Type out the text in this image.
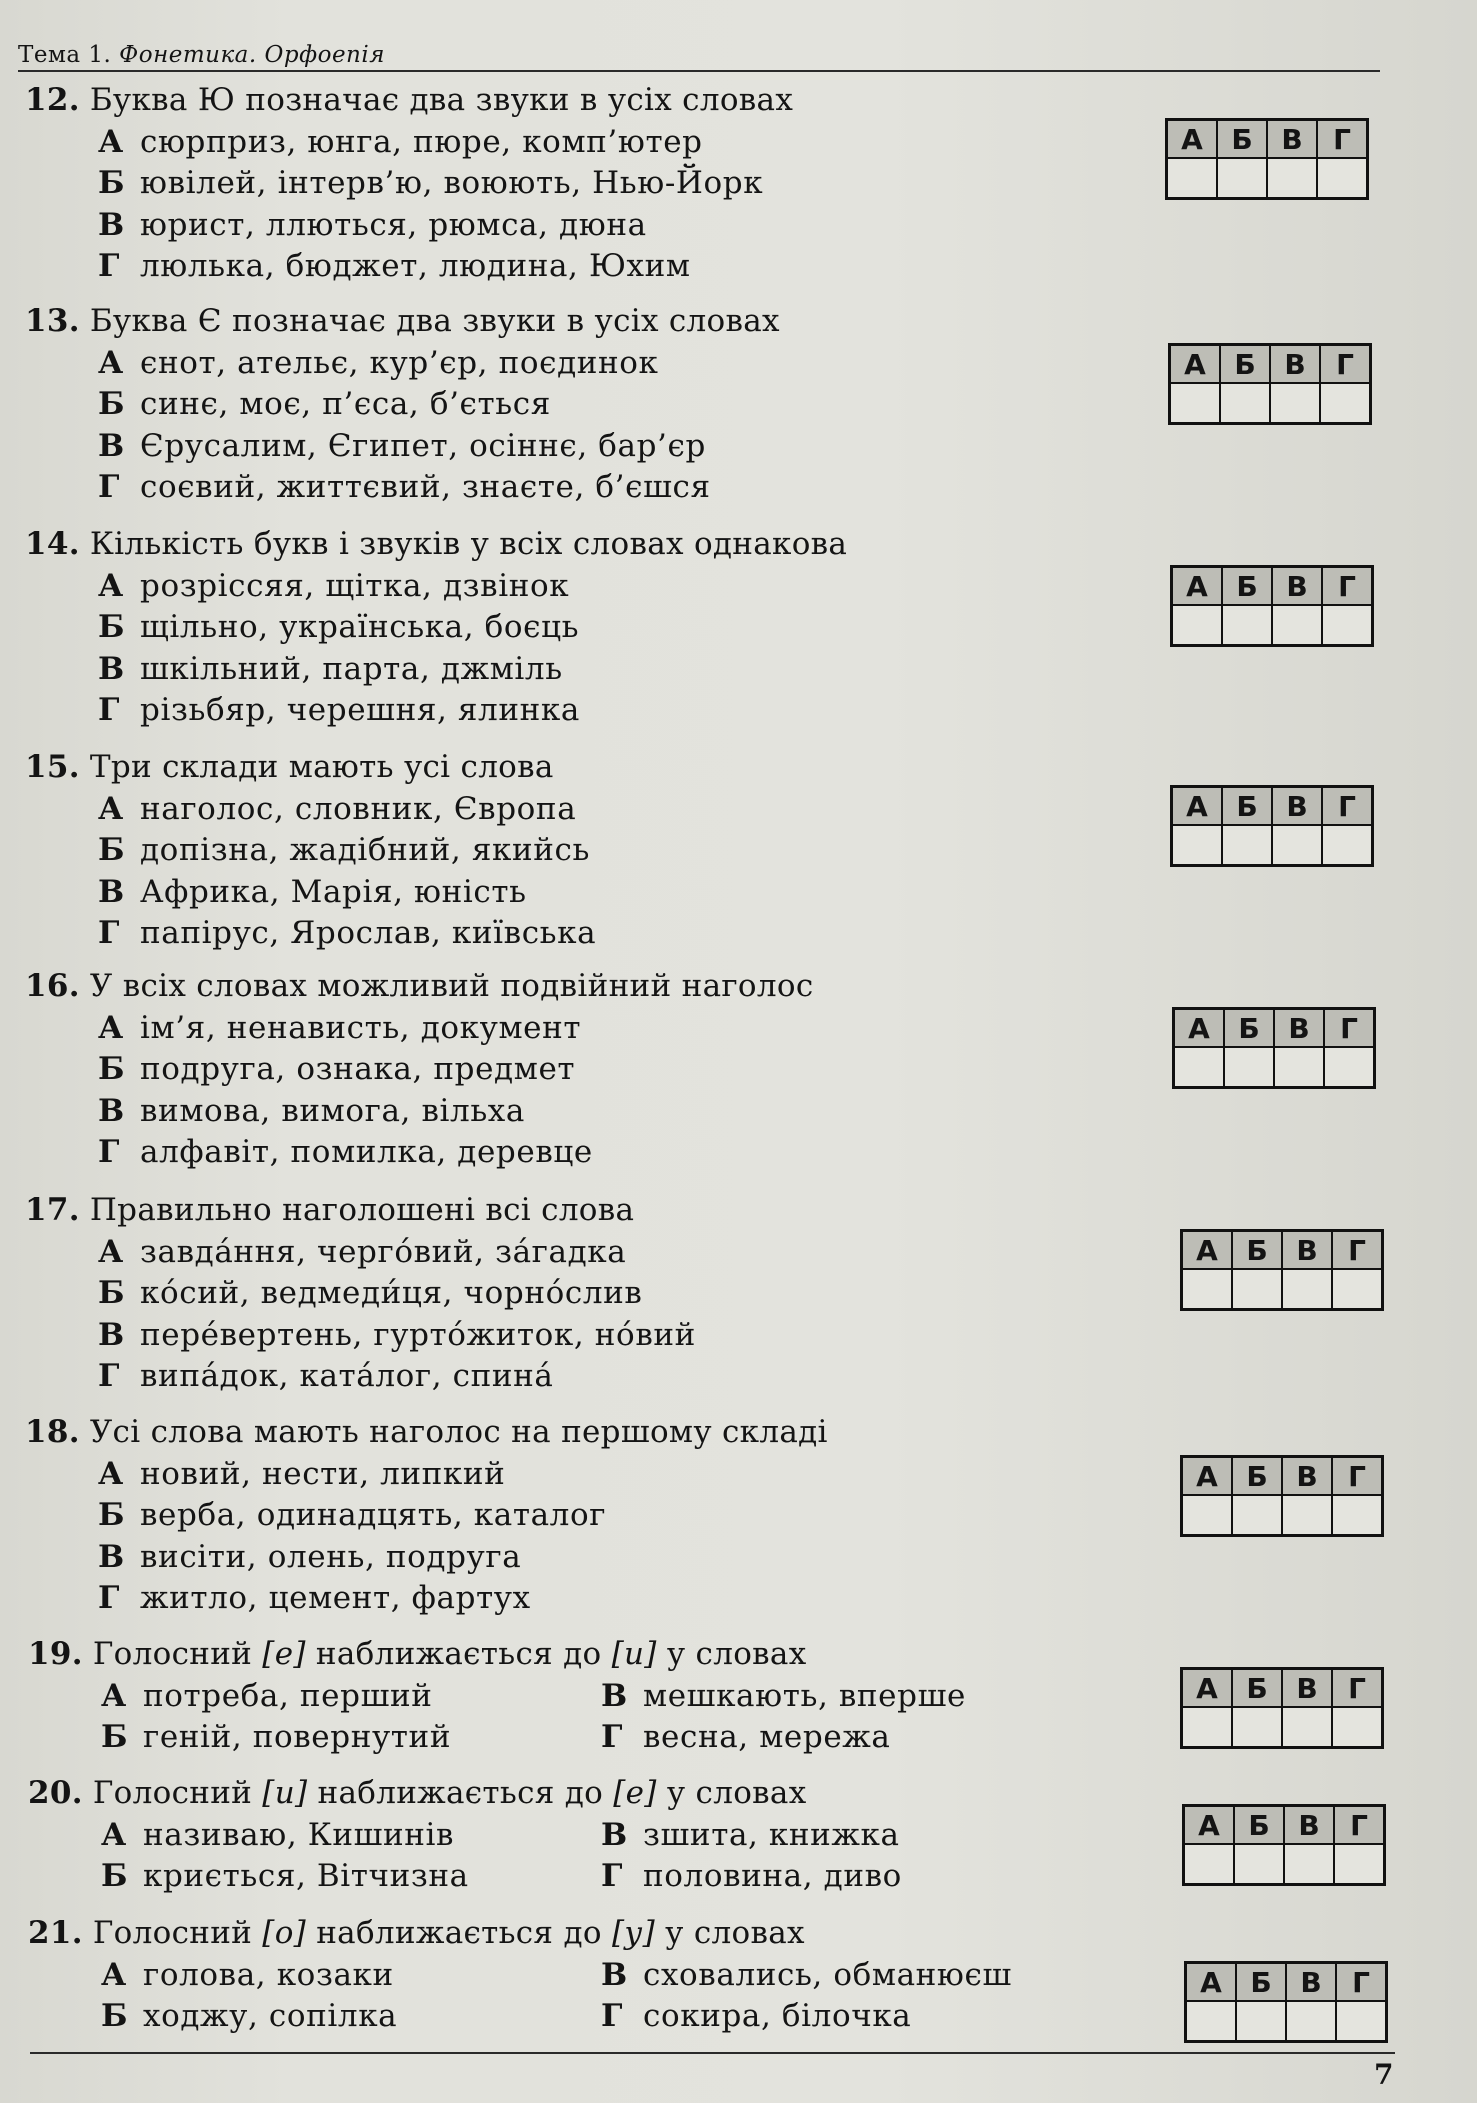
Тема 1. Фонетика. Орфоепія
12. Буква Ю позначає два звуки в усіх словах
А сюрприз, юнга, пюре, комп’ютер
Б ювілей, інтерв’ю, воюють, Нью-Йорк
В юрист, ллються, рюмса, дюна
Г люлька, бюджет, людина, Юхим
А	Б	В	Г

13. Буква Є позначає два звуки в усіх словах
А єнот, ательє, кур’єр, поєдинок
Б синє, моє, п’єса, б’ється
В Єрусалим, Єгипет, осіннє, бар’єр
Г соєвий, життєвий, знаєте, б’єшся
А	Б	В	Г

14. Кількість букв і звуків у всіх словах однакова
А розріссяя, щітка, дзвінок
Б щільно, українська, боєць
В шкільний, парта, джміль
Г різьбяр, черешня, ялинка
А	Б	В	Г

15. Три склади мають усі слова
А наголос, словник, Європа
Б допізна, жадібний, якийсь
В Африка, Марія, юність
Г папірус, Ярослав, київська
А	Б	В	Г

16. У всіх словах можливий подвійний наголос
А ім’я, ненависть, документ
Б подруга, ознака, предмет
В вимова, вимога, вільха
Г алфавіт, помилка, деревце
А	Б	В	Г

17. Правильно наголошені всі слова
А завда́ння, черго́вий, за́гадка
Б ко́сий, ведмеди́ця, чорно́слив
В пере́вертень, гурто́житок, но́вий
Г випа́док, ката́лог, спина́
А	Б	В	Г

18. Усі слова мають наголос на першому складі
А новий, нести, липкий
Б верба, одинадцять, каталог
В висіти, олень, подруга
Г житло, цемент, фартух
А	Б	В	Г

19. Голосний [е] наближається до [и] у словах
А потреба, перший	В мешкають, вперше
Б геній, повернутий	Г весна, мережа
А	Б	В	Г

20. Голосний [и] наближається до [е] у словах
А називаю, Кишинів	В зшита, книжка
Б криється, Вітчизна	Г половина, диво
А	Б	В	Г

21. Голосний [о] наближається до [у] у словах
А голова, козаки	В сховались, обманюєш
Б ходжу, сопілка	Г сокира, білочка
А	Б	В	Г

7
